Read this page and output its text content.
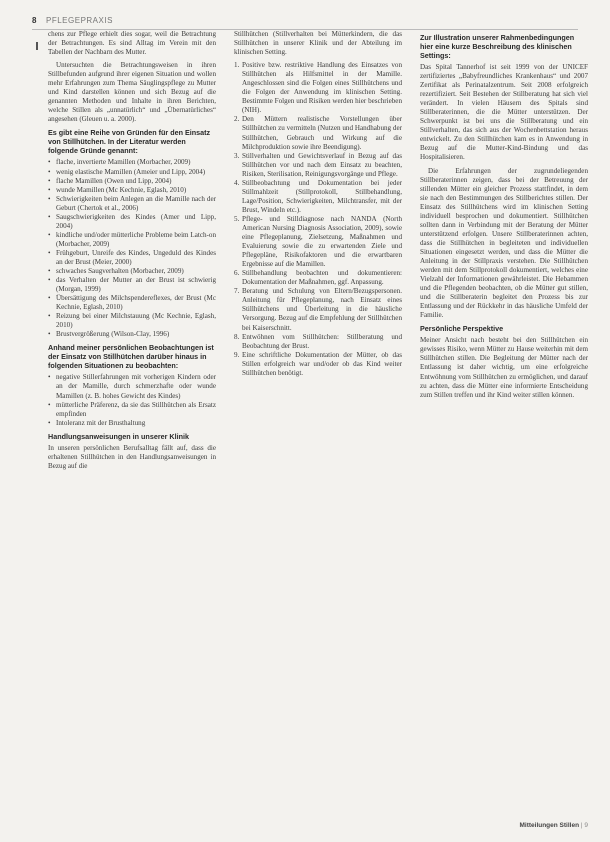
8 PFLEGEPRAXIS

chens zur Pflege erhielt dies sogar, weil die Betrachtung der Betrachtungen. Es sind Alltag im Verein mit den Tabellen der Nachbarn des Mutter.

Untersuchten die Betrachtungsweisen in ihren Stillbefunden aufgrund ihrer eigenen Situation und wollen mehr Erfahrungen zum Thema Säuglingspflege zu Mutter und Kind darstellen können und sich Bezug auf die genannten Methoden und Inhalte in ihren Berichten, welche Stillen als „unnatürlich“ und „Übernatürliches“ angesehen (Gleuen u. a. 2000).

Es gibt eine Reihe von Gründen für den Einsatz von Stillhütchen. In der Literatur werden folgende Gründe genannt:
• flache, invertierte Mamillen (Morbacher, 2009)
• wenig elastische Mamillen (Ameier und Lipp, 2004)
• flache Mamillen (Owen und Lipp, 2004)
• wunde Mamillen (Mc Kechnie, Eglash, 2010)
• Schwierigkeiten beim Anlegen an die Mamille nach der Geburt (Chertok et al., 2006)
• Saugschwierigkeiten des Kindes (Amer und Lipp, 2004)
• kindliche und/oder mütterliche Probleme beim Latch-on (Morbacher, 2009)
• Frühgeburt, Unreife des Kindes, Ungeduld des Kindes an der Brust (Meier, 2000)
• schwaches Saugverhalten (Morbacher, 2009)
• das Verhalten der Mutter an der Brust ist schwierig (Morgan, 1999)
• Übersättigung des Milchspendereflexes, der Brust (Mc Kechnie, Eglash, 2010)
• Reizung bei einer Milchstauung (Mc Kechnie, Eglash, 2010)
• Brustvergrößerung (Wilson-Clay, 1996)
Anhand meiner persönlichen Beobachtungen ist der Einsatz von Stillhütchen darüber hinaus in folgenden Situationen zu beobachten:
• negative Stillerfahrungen mit vorherigen Kindern oder an der Mamille, durch schmerzhafte oder wunde Mamillen (z. B. hohes Gewicht des Kindes)
• mütterliche Präferenz, da sie das Stillhütchen als Ersatz empfinden
• Intoleranz mit der Brusthaltung
Handlungsanweisungen in unserer Klinik

In unseren persönlichen Berufsalltag fällt auf, dass die erhaltenen Stillhütchen in den Handlungsanweisungen in Bezug auf die

Stillhütchen (Stillverhalten bei Mütterkindern, die das Stillhütchen in unserer Klinik und der Abteilung im klinischen Setting.

1. Positive bzw. restriktive Handlung des Einsatzes von Stillhütchen als Hilfsmittel in der Mamille. Angeschlossen sind die Folgen eines Stillhütchens und die Folgen der Anwendung im klinischen Setting. Bestimmte Folgen und Risiken werden hier beschrieben (NIH).
2. Den Müttern realistische Vorstellungen über Stillhütchen zu vermitteln (Nutzen und Handhabung der Stillhütchen, Gebrauch und Wirkung auf die Milchproduktion sowie ihre Beendigung).
3. Stillverhalten und Gewichtsverlauf in Bezug auf das Stillhütchen vor und nach dem Einsatz zu beachten, Risiken, Sterilisation, Reinigungsvorgänge und Pflege.
4. Stillbeobachtung und Dokumentation bei jeder Stillmahlzeit (Stillprotokoll, Stillbehandlung, Lage/Position, Schwierigkeiten, Milchtransfer, mit der Brust, Windeln etc.).
5. Pflege- und Stilldiagnose nach NANDA (North American Nursing Diagnosis Association, 2009), sowie eine Pflegeplanung, Zielsetzung, Maßnahmen und Evaluierung sowie die zu erwartenden Ziele und Pflegepläne, Risikofaktoren und die erwartbaren Ergebnisse auf die Mamillen.
6. Stillbehandlung beobachten und dokumentieren: Dokumentation der Maßnahmen, ggf. Anpassung.
7. Beratung und Schulung von Eltern/Bezugspersonen. Anleitung für Pflegeplanung, nach Einsatz eines Stillhütchens und Überleitung in die häusliche Versorgung. Bezug auf die Empfehlung der Stillhütchen bei Kaiserschnitt.
8. Entwöhnen vom Stillhütchen: Stillberatung und Beobachtung der Brust.
9. Eine schriftliche Dokumentation der Mütter, ob das Stillen erfolgreich war und/oder ob das Kind weiter Stillhütchen benötigt.
Zur Illustration unserer Rahmenbedingungen hier eine kurze Beschreibung des klinischen Settings:

Das Spital Tannerhof ist seit 1999 von der UNICEF zertifiziertes „Babyfreundliches Krankenhaus“ und 2007 Zertifikat als Perinatalzentrum. Seit 2008 erfolgreich rezertifiziert. Seit Bestehen der Stillberatung hat sich viel verändert. In vielen Häusern des Spitals sind Stillberaterinnen, die die Mütter unterstützen. Der Schwerpunkt ist bei uns die Stillberatung und ein Stillverhalten, das sich aus der Wochenbettstation heraus entwickelt. Zu den Stillhütchen kam es in Anwendung in Bezug auf die Mutter-Kind-Bindung und das Hospitalisieren.

Die Erfahrungen der zugrundeliegenden Stillberaterinnen zeigen, dass bei der Betreuung der stillenden Mütter ein gleicher Prozess stattfindet, in dem sie nach den Bestimmungen des Stillberichtes stillen. Der Einsatz des Stillhütchens wird im klinischen Setting individuell besprochen und dokumentiert. Stillhütchen sollten dann in Verbindung mit der Beratung der Mütter unterstützend erfolgen. Unsere Stillberaterinnen achten, dass die Stillhütchen in begleiteten und individuellen Situationen eingesetzt werden, und dass die Mütter die Anleitung in der Stillpraxis verstehen. Die Stillhütchen werden mit dem Stillprotokoll dokumentiert, welches eine Vielzahl der Informationen gewährleistet. Die Hebammen und die Pflegenden beobachten, ob die Mütter gut stillen, und die Stillberaterin begleitet den Prozess bis zur Entlassung und der Rückkehr in das häusliche Umfeld der Familie.

Persönliche Perspektive

Meiner Ansicht nach besteht bei den Stillhütchen ein gewisses Risiko, wenn Mütter zu Hause weiterhin mit dem Stillhütchen stillen. Die Begleitung der Mütter nach der Entlassung ist daher wichtig, um eine erfolgreiche Entwöhnung vom Stillhütchen zu ermöglichen, und darauf zu achten, dass die Mütter eine informierte Entscheidung zum Stillen treffen und ihr Kind weiter stillen können.

Mitteilungen Stillen | 9
